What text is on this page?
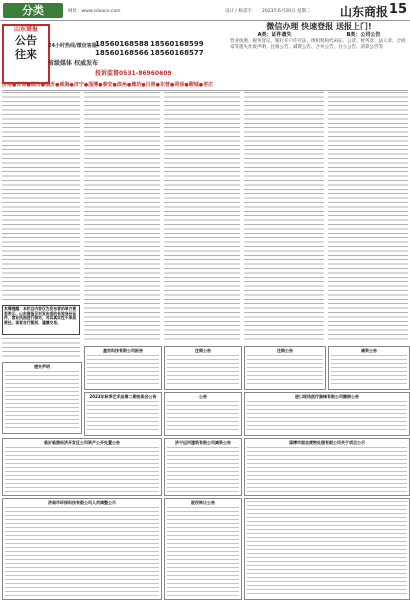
分类	网址：www.sdxacn.com	设计 / 杨雷宇 2023年6月20日 星期二 山东商报 15
山东商报
公告
往来
24小时热线/微信客服:
18560168588 18560168599
18560168566 18560168577
省级媒体 权威发布
投诉监督0531-86960609
济南●青岛●烟台●临沂●威海●济宁●淄博●泰安●滨州●潍坊●日照●东营●菏泽●聊城●枣庄
微信办理 快速登报 送报上门!
A类：证件遗失	B类：公司公告
营业执照、税务登记、银行开户许可证、组织机构代码证、公章、财务章、法人章、合同章等遗失作废声明；注销公告、减资公告、合并公告、分立公告、清算公告等
友情提醒：本栏目内容仅为发布者的单方意思表示，山东商报仅对发布者的有效身份证件、营业执照进行核对，对其真实性不承担责任。读者自行甄别、谨慎交易。
盖世科技有限公司报告	注销公告	注销公告	减资公告
遗失声明
2023年秋季艺术品第二期拍卖会公告	公告	进口现场医疗器械有限公司撤销公告
临沂临港经济开发区公司资产公开处置公告	济宁运河建筑有限公司减资公告	淄博市固态废物处理有限公司关于项目公示
济南市环保科技有限公司人员调整公示	股权转让公告
